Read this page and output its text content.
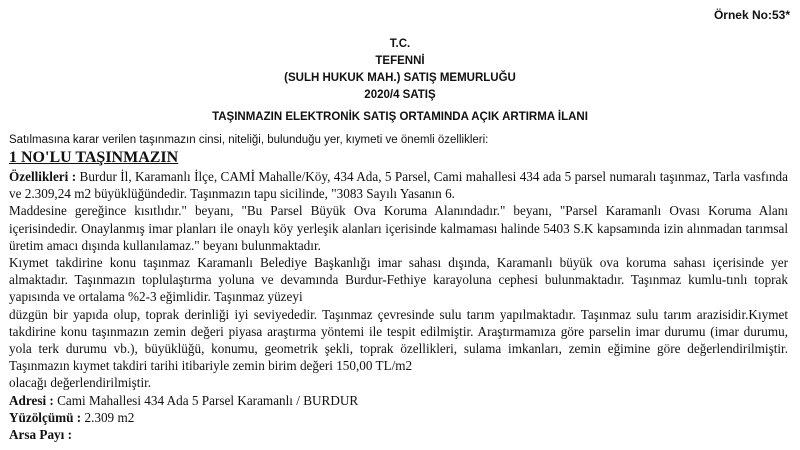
Örnek No:53*
T.C.
TEFENNİ
(SULH HUKUK MAH.) SATIŞ MEMURLUĞU
2020/4 SATIŞ
TAŞINMAZIN ELEKTRONİK SATIŞ ORTAMINDA AÇIK ARTIRMA İLANI
Satılmasına karar verilen taşınmazın cinsi, niteliği, bulunduğu yer, kıymeti ve önemli özellikleri:
1 NO'LU TAŞINMAZIN

Özellikleri : Burdur İl, Karamanlı İlçe, CAMİ Mahalle/Köy, 434 Ada, 5 Parsel, Cami mahallesi 434 ada 5 parsel numaralı taşınmaz, Tarla vasfında ve 2.309,24 m2 büyüklüğündedir. Taşınmazın tapu sicilinde, "3083 Sayılı Yasanın 6.

Maddesine gereğince kısıtlıdır." beyanı, "Bu Parsel Büyük Ova Koruma Alanındadır." beyanı, "Parsel Karamanlı Ovası Koruma Alanı içerisindedir. Onaylanmış imar planları ile onaylı köy yerleşik alanları içerisinde kalmaması halinde 5403 S.K kapsamında izin alınmadan tarımsal üretim amacı dışında kullanılamaz." beyanı bulunmaktadır.

Kıymet takdirine konu taşınmaz Karamanlı Belediye Başkanlığı imar sahası dışında, Karamanlı büyük ova koruma sahası içerisinde yer almaktadır. Taşınmazın toplulaştırma yoluna ve devamında Burdur-Fethiye karayoluna cephesi bulunmaktadır. Taşınmaz kumlu-tınlı toprak yapısında ve ortalama %2-3 eğimlidir. Taşınmaz yüzeyi

düzgün bir yapıda olup, toprak derinliği iyi seviyededir. Taşınmaz çevresinde sulu tarım yapılmaktadır. Taşınmaz sulu tarım arazisidir.Kıymet takdirine konu taşınmazın zemin değeri piyasa araştırma yöntemi ile tespit edilmiştir. Araştırmamıza göre parselin imar durumu (imar durumu, yola terk durumu vb.), büyüklüğü, konumu, geometrik şekli, toprak özellikleri, sulama imkanları, zemin eğimine göre değerlendirilmiştir. Taşınmazın kıymet takdiri tarihi itibariyle zemin birim değeri 150,00 TL/m2

olacağı değerlendirilmiştir.

Adresi : Cami Mahallesi 434 Ada 5 Parsel Karamanlı / BURDUR

Yüzölçümü : 2.309 m2

Arsa Payı :
